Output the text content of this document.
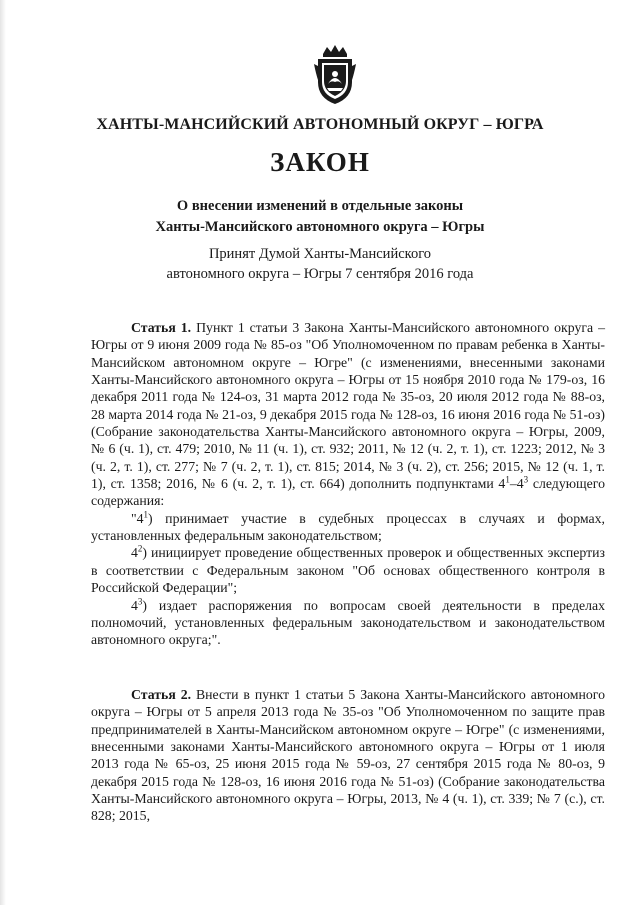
ХАНТЫ-МАНСИЙСКИЙ АВТОНОМНЫЙ ОКРУГ – ЮГРА
ЗАКОН
О внесении изменений в отдельные законы
Ханты-Мансийского автономного округа – Югры
Принят Думой Ханты-Мансийского
автономного округа – Югры 7 сентября 2016 года

Статья 1. Пункт 1 статьи 3 Закона Ханты-Мансийского автономного округа – Югры от 9 июня 2009 года № 85-оз "Об Уполномоченном по правам ребенка в Ханты-Мансийском автономном округе – Югре" (с изменениями, внесенными законами Ханты-Мансийского автономного округа – Югры от 15 ноября 2010 года № 179-оз, 16 декабря 2011 года № 124-оз, 31 марта 2012 года № 35-оз, 20 июля 2012 года № 88-оз, 28 марта 2014 года № 21-оз, 9 декабря 2015 года № 128-оз, 16 июня 2016 года № 51-оз) (Собрание законодательства Ханты-Мансийского автономного округа – Югры, 2009, № 6 (ч. 1), ст. 479; 2010, № 11 (ч. 1), ст. 932; 2011, № 12 (ч. 2, т. 1), ст. 1223; 2012, № 3 (ч. 2, т. 1), ст. 277; № 7 (ч. 2, т. 1), ст. 815; 2014, № 3 (ч. 2), ст. 256; 2015, № 12 (ч. 1, т. 1), ст. 1358; 2016, № 6 (ч. 2, т. 1), ст. 664) дополнить подпунктами $4^1-4^3$ следующего содержания:

"$4^1$) принимает участие в судебных процессах в случаях и формах, установленных федеральным законодательством;

$4^2$) инициирует проведение общественных проверок и общественных экспертиз в соответствии с Федеральным законом "Об основах общественного контроля в Российской Федерации";

$4^3$) издает распоряжения по вопросам своей деятельности в пределах полномочий, установленных федеральным законодательством и законодательством автономного округа;".

Статья 2. Внести в пункт 1 статьи 5 Закона Ханты-Мансийского автономного округа – Югры от 5 апреля 2013 года № 35-оз "Об Уполномоченном по защите прав предпринимателей в Ханты-Мансийском автономном округе – Югре" (с изменениями, внесенными законами Ханты-Мансийского автономного округа – Югры от 1 июля 2013 года № 65-оз, 25 июня 2015 года № 59-оз, 27 сентября 2015 года № 80-оз, 9 декабря 2015 года № 128-оз, 16 июня 2016 года № 51-оз) (Собрание законодательства Ханты-Мансийского автономного округа – Югры, 2013, № 4 (ч. 1), ст. 339; № 7 (с.), ст. 828; 2015,
